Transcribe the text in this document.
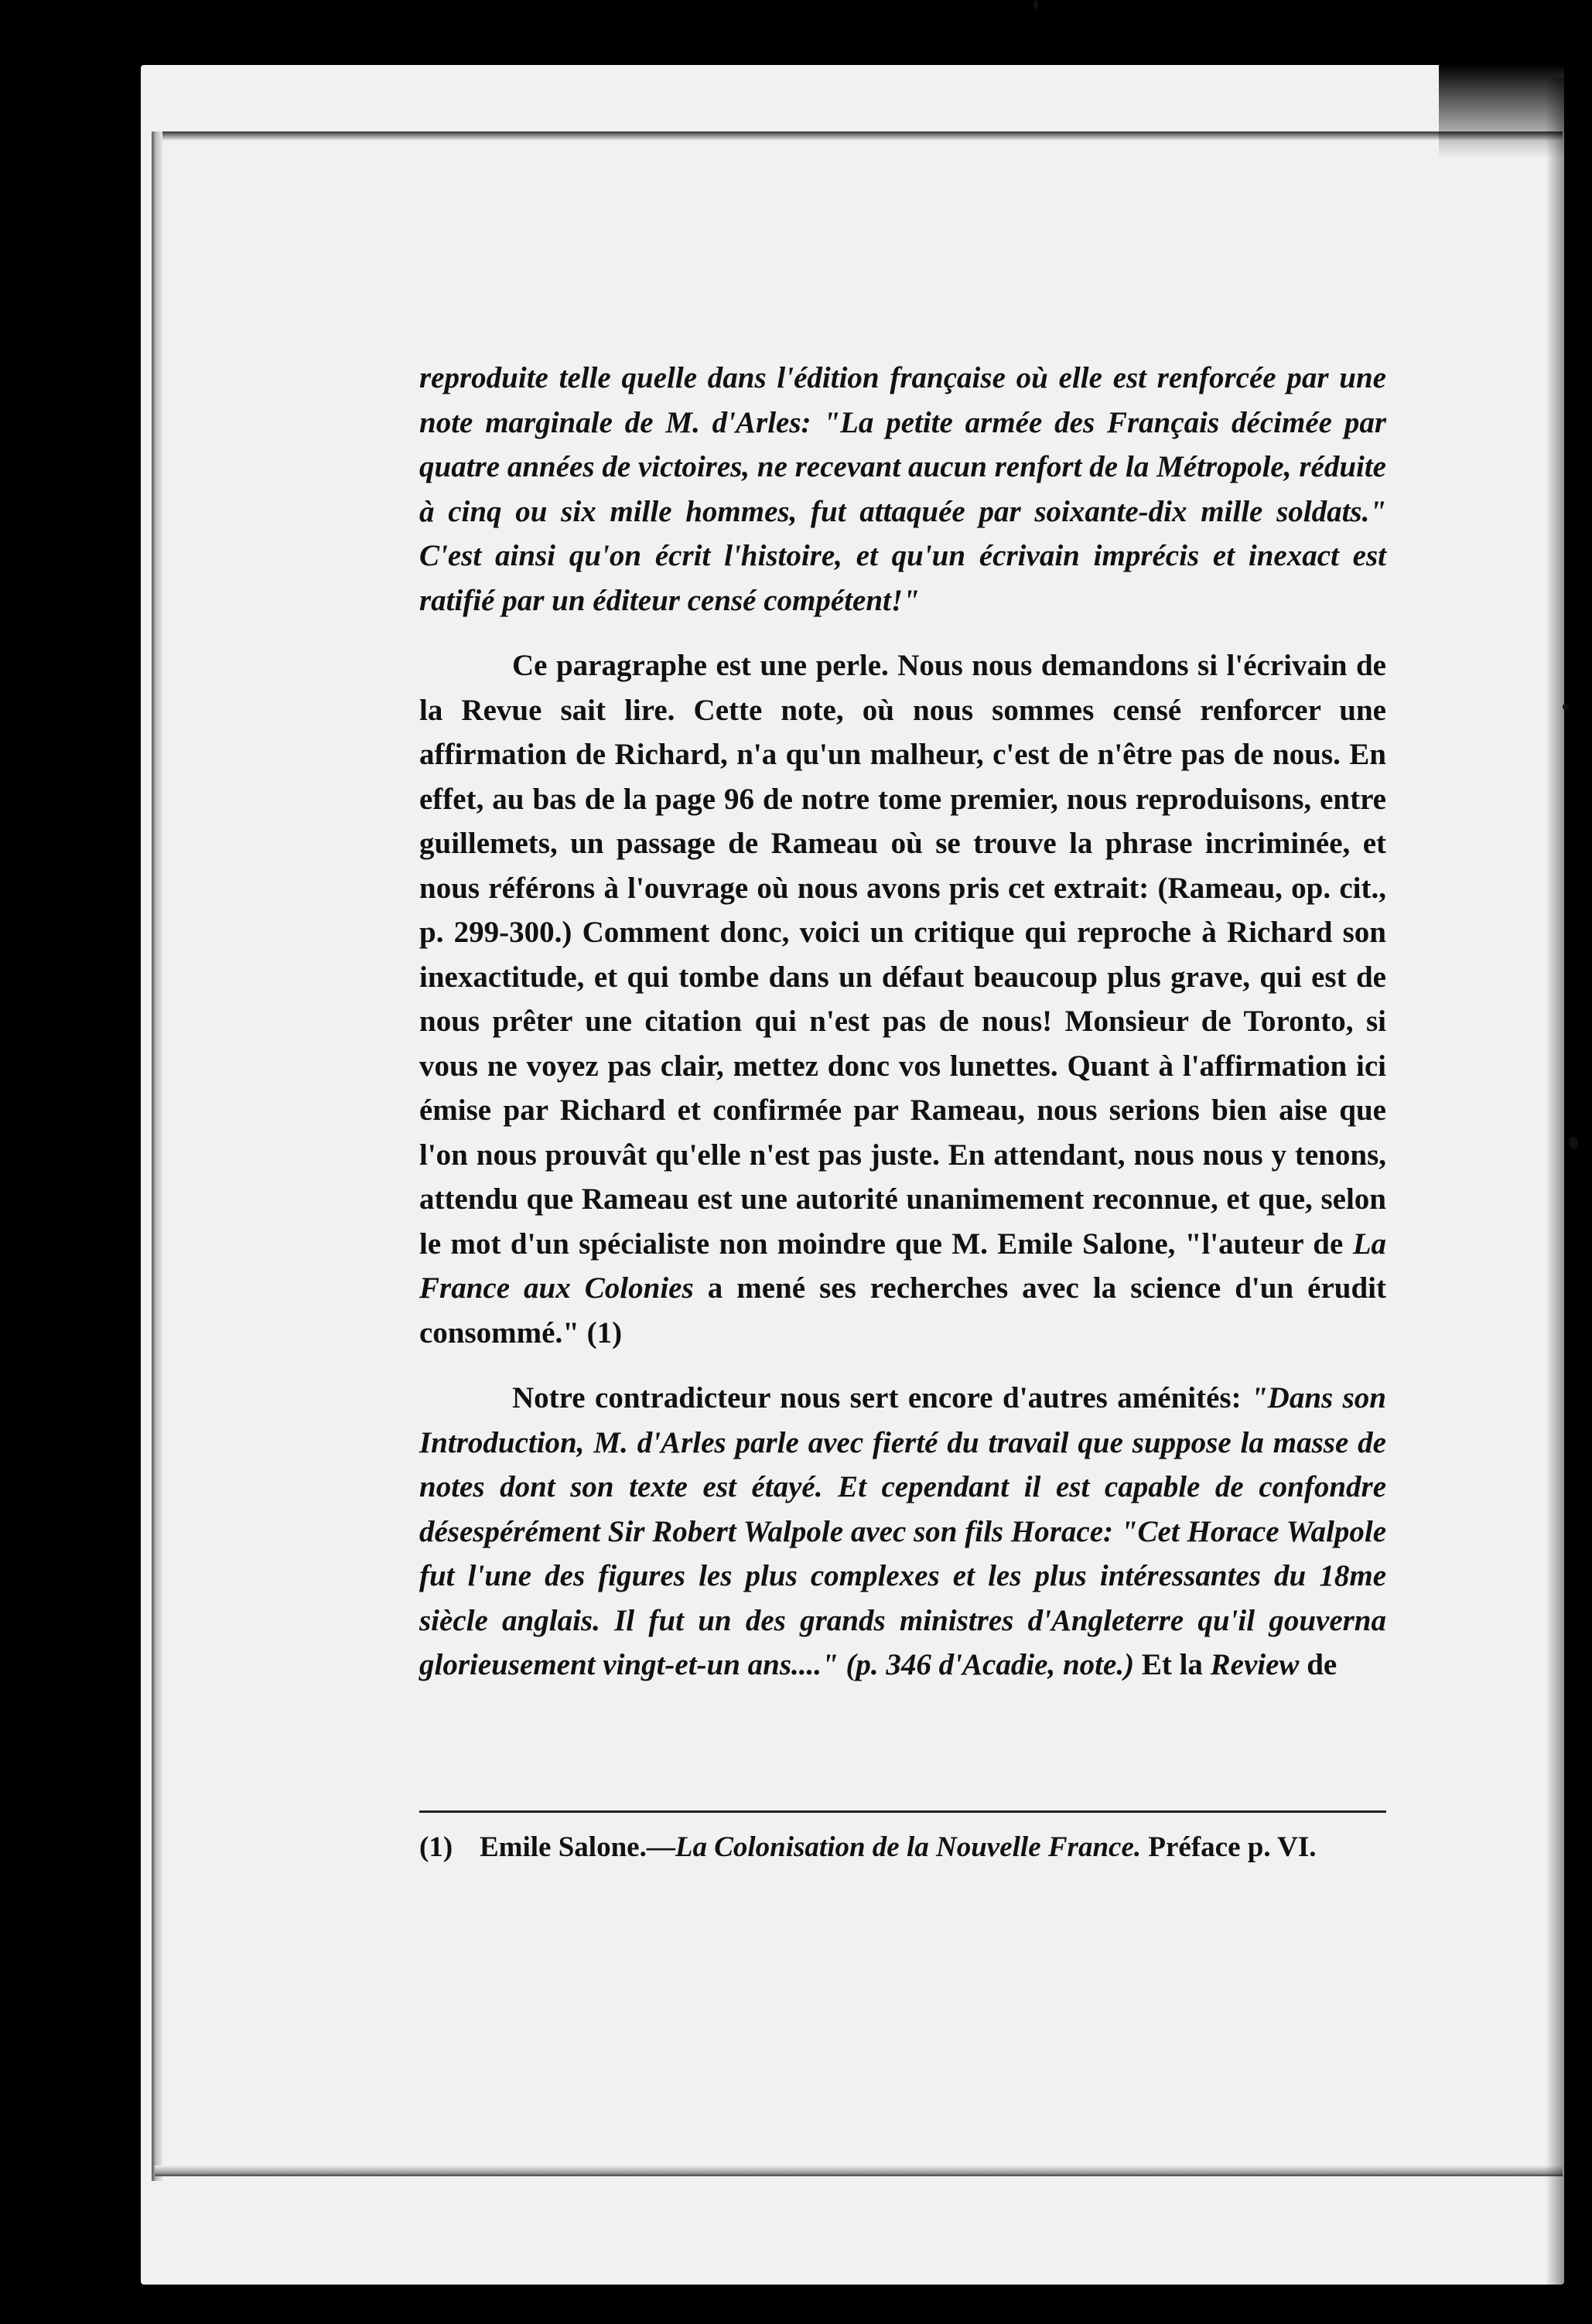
reproduite telle quelle dans l'édition française où elle est renforcée par une note marginale de M. d'Arles: "La petite armée des Français décimée par quatre années de victoires, ne recevant aucun renfort de la Métropole, réduite à cinq ou six mille hommes, fut attaquée par soixante-dix mille soldats." C'est ainsi qu'on écrit l'histoire, et qu'un écrivain imprécis et inexact est ratifié par un éditeur censé compétent!"

Ce paragraphe est une perle. Nous nous demandons si l'écrivain de la Revue sait lire. Cette note, où nous sommes censé renforcer une affirmation de Richard, n'a qu'un malheur, c'est de n'être pas de nous. En effet, au bas de la page 96 de notre tome premier, nous reproduisons, entre guillemets, un passage de Rameau où se trouve la phrase incriminée, et nous référons à l'ouvrage où nous avons pris cet extrait: (Rameau, op. cit., p. 299-300.) Comment donc, voici un critique qui reproche à Richard son inexactitude, et qui tombe dans un défaut beaucoup plus grave, qui est de nous prêter une citation qui n'est pas de nous! Monsieur de Toronto, si vous ne voyez pas clair, mettez donc vos lunettes. Quant à l'affirmation ici émise par Richard et confirmée par Rameau, nous serions bien aise que l'on nous prouvât qu'elle n'est pas juste. En attendant, nous nous y tenons, attendu que Rameau est une autorité unanimement reconnue, et que, selon le mot d'un spécialiste non moindre que M. Emile Salone, "l'auteur de La France aux Colonies a mené ses recherches avec la science d'un érudit consommé." (1)

Notre contradicteur nous sert encore d'autres aménités: "Dans son Introduction, M. d'Arles parle avec fierté du travail que suppose la masse de notes dont son texte est étayé. Et cependant il est capable de confondre désespérément Sir Robert Walpole avec son fils Horace: "Cet Horace Walpole fut l'une des figures les plus complexes et les plus intéressantes du 18me siècle anglais. Il fut un des grands ministres d'Angleterre qu'il gouverna glorieusement vingt-et-un ans...." (p. 346 d'Acadie, note.) Et la Review de

(1) Emile Salone.—La Colonisation de la Nouvelle France. Préface p. VI.
